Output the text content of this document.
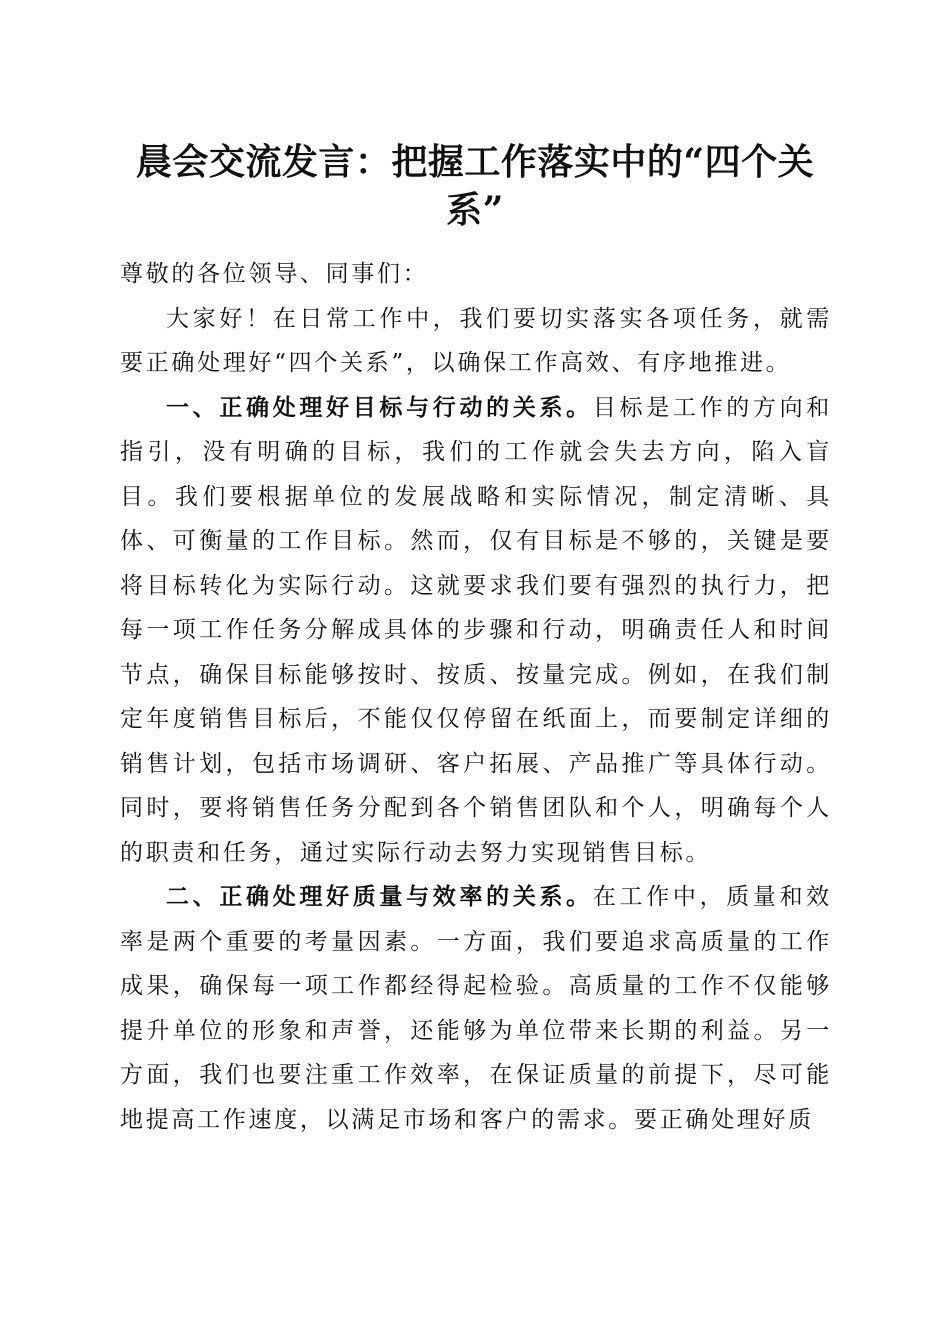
晨会交流发言：把握工作落实中的“四个关系”

尊敬的各位领导、同事们：

大家好！在日常工作中，我们要切实落实各项任务，就需要正确处理好“四个关系”，以确保工作高效、有序地推进。

一、正确处理好目标与行动的关系。目标是工作的方向和指引，没有明确的目标，我们的工作就会失去方向，陷入盲目。我们要根据单位的发展战略和实际情况，制定清晰、具体、可衡量的工作目标。然而，仅有目标是不够的，关键是要将目标转化为实际行动。这就要求我们要有强烈的执行力，把每一项工作任务分解成具体的步骤和行动，明确责任人和时间节点，确保目标能够按时、按质、按量完成。例如，在我们制定年度销售目标后，不能仅仅停留在纸面上，而要制定详细的销售计划，包括市场调研、客户拓展、产品推广等具体行动。同时，要将销售任务分配到各个销售团队和个人，明确每个人的职责和任务，通过实际行动去努力实现销售目标。

二、正确处理好质量与效率的关系。在工作中，质量和效率是两个重要的考量因素。一方面，我们要追求高质量的工作成果，确保每一项工作都经得起检验。高质量的工作不仅能够提升单位的形象和声誉，还能够为单位带来长期的利益。另一方面，我们也要注重工作效率，在保证质量的前提下，尽可能地提高工作速度，以满足市场和客户的需求。要正确处理好质
